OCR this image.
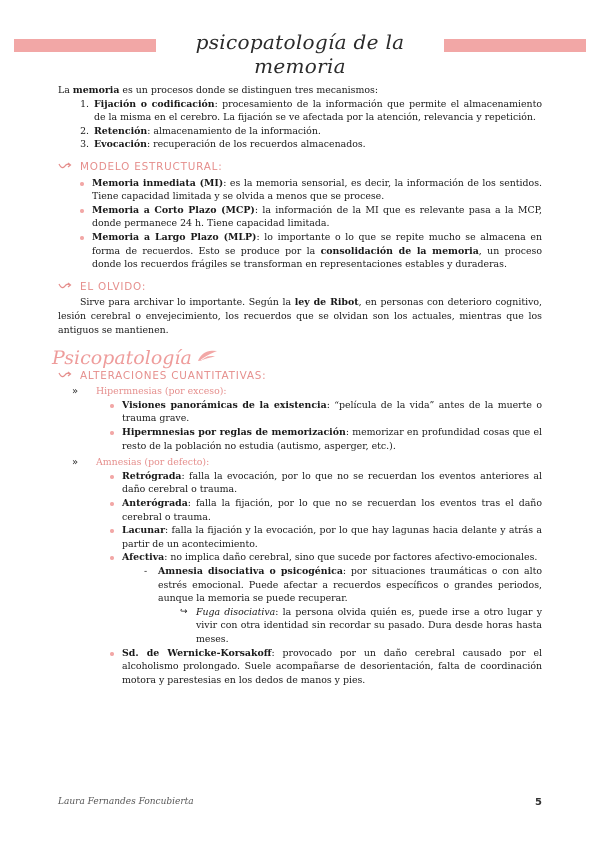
psicopatología de la memoria

La memoria es un procesos donde se distinguen tres mecanismos:

1. Fijación o codificación: procesamiento de la información que permite el almacenamiento de la misma en el cerebro. La fijación se ve afectada por la atención, relevancia y repetición.
2. Retención: almacenamiento de la información.
3. Evocación: recuperación de los recuerdos almacenados.
MODELO ESTRUCTURAL:
Memoria inmediata (MI): es la memoria sensorial, es decir, la información de los sentidos. Tiene capacidad limitada y se olvida a menos que se procese.
Memoria a Corto Plazo (MCP): la información de la MI que es relevante pasa a la MCP, donde permanece 24 h. Tiene capacidad limitada.
Memoria a Largo Plazo (MLP): lo importante o lo que se repite mucho se almacena en forma de recuerdos. Esto se produce por la consolidación de la memoria, un proceso donde los recuerdos frágiles se transforman en representaciones estables y duraderas.
EL OLVIDO:

Sirve para archivar lo importante. Según la ley de Ribot, en personas con deterioro cognitivo, lesión cerebral o envejecimiento, los recuerdos que se olvidan son los actuales, mientras que los antiguos se mantienen.

Psicopatología
ALTERACIONES CUANTITATIVAS:
»	Hipermnesias (por exceso):
Visiones panorámicas de la existencia: “película de la vida” antes de la muerte o trauma grave.
Hipermnesias por reglas de memorización: memorizar en profundidad cosas que el resto de la población no estudia (autismo, asperger, etc.).
»	Amnesias (por defecto):
Retrógrada: falla la evocación, por lo que no se recuerdan los eventos anteriores al daño cerebral o trauma.
Anterógrada: falla la fijación, por lo que no se recuerdan los eventos tras el daño cerebral o trauma.
Lacunar: falla la fijación y la evocación, por lo que hay lagunas hacia delante y atrás a partir de un acontecimiento.
Afectiva: no implica daño cerebral, sino que sucede por factores afectivo-emocionales.
- Amnesia disociativa o psicogénica: por situaciones traumáticas o con alto estrés emocional. Puede afectar a recuerdos específicos o grandes periodos, aunque la memoria se puede recuperar.
↪ Fuga disociativa: la persona olvida quién es, puede irse a otro lugar y vivir con otra identidad sin recordar su pasado. Dura desde horas hasta meses.
Sd. de Wernicke-Korsakoff: provocado por un daño cerebral causado por el alcoholismo prolongado. Suele acompañarse de desorientación, falta de coordinación motora y parestesias en los dedos de manos y pies.
Laura Fernandes Foncubierta	5
